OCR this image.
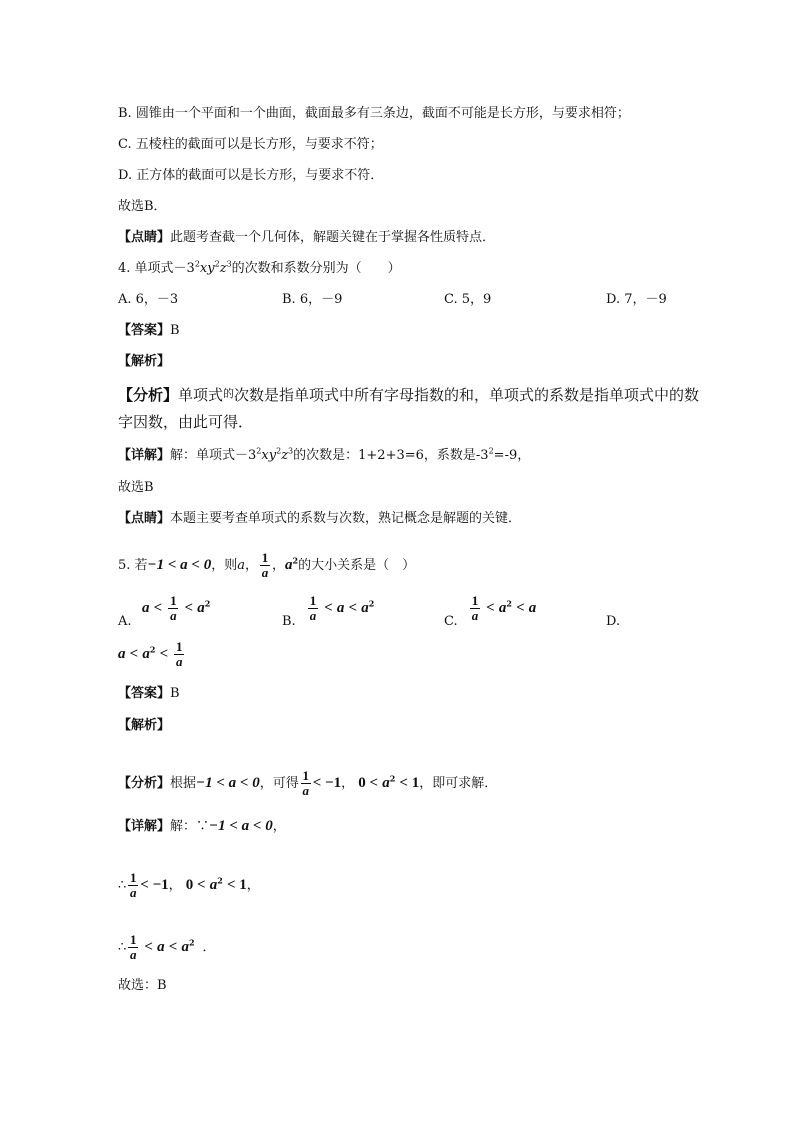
B. 圆锥由一个平面和一个曲面，截面最多有三条边，截面不可能是长方形，与要求相符；
C. 五棱柱的截面可以是长方形，与要求不符；
D. 正方体的截面可以是长方形，与要求不符．
故选B．
【点睛】此题考查截一个几何体，解题关键在于掌握各性质特点．
4. 单项式$-3^2xy^2z^3$的次数和系数分别为（　　）
A. 6，－3	B. 6，－9	C. 5，9	D. 7，－9
【答案】B
【解析】
【分析】单项式$^的$次数是指单项式中所有字母指数的和，单项式的系数是指单项式中的数
字因数，由此可得．
【详解】解：单项式$-3^2xy^2z^3$的次数是：1+2+3=6，系数是$-3^2=-9$，
故选B
【点睛】本题主要考查单项式的系数与次数，熟记概念是解题的关键．
5. 若−1 < a < 0，则a， $\frac{1}{a}$ ，$a^2$的大小关系是（　）
A.
$a < \frac{1}{a} < a^2$
B. $\frac{1}{a} < a < a^2$
C. $\frac{1}{a} < a^2 < a$
D.
$a < a^2 < \frac{1}{a}$
【答案】B
【解析】
【分析】根据−1 < a < 0，可得 $\frac{1}{a} < -1$， $0 < a^2 < 1$，即可求解．
【详解】解：∵−1 < a < 0，
∴ $\frac{1}{a} < -1$， $0 < a^2 < 1$，
∴ $\frac{1}{a} < a < a^2$ ．
故选：B
